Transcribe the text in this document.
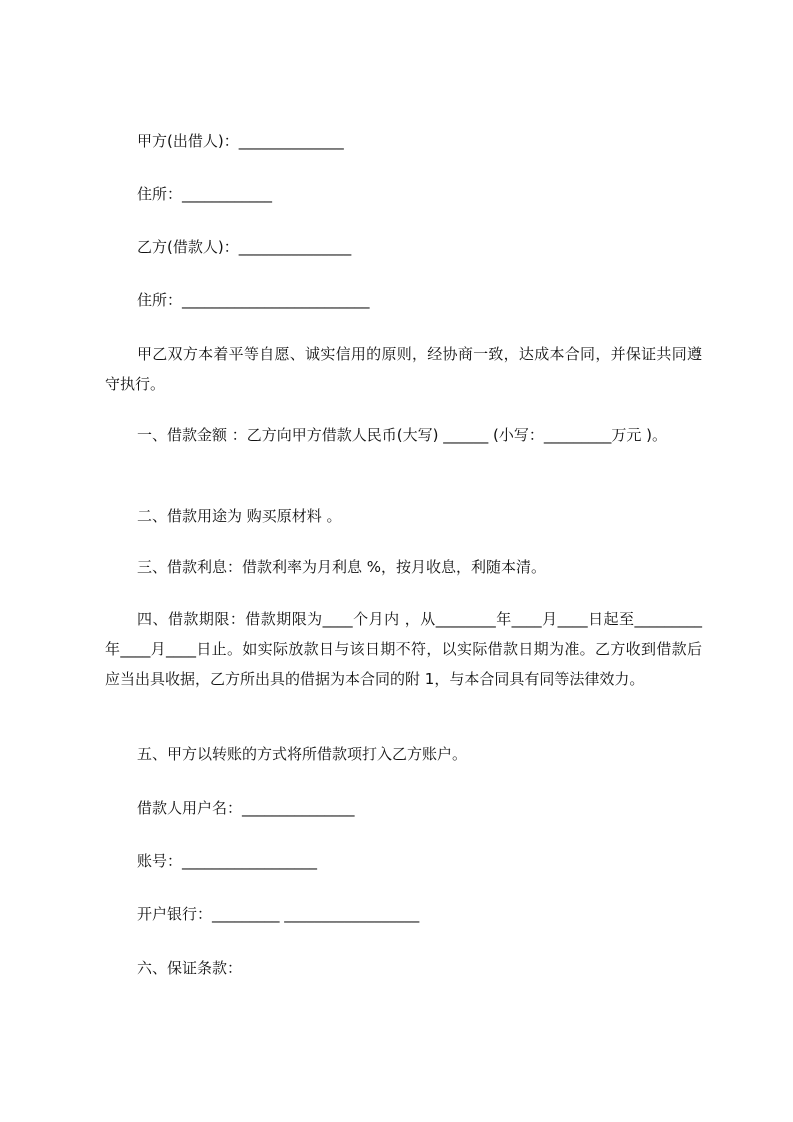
甲方(出借人)：______________
住所：____________
乙方(借款人)：_______________
住所：_________________________
甲乙双方本着平等自愿、诚实信用的原则，经协商一致，达成本合同，并保证共同遵守执行。
一、借款金额 ：乙方向甲方借款人民币(大写) ______ (小写：_________万元 )。
二、借款用途为 购买原材料 。
三、借款利息：借款利率为月利息 %，按月收息，利随本清。
四、借款期限：借款期限为____个月内 ，从________年____月____日起至_________年____月____日止。如实际放款日与该日期不符，以实际借款日期为准。乙方收到借款后应当出具收据，乙方所出具的借据为本合同的附 1，与本合同具有同等法律效力。
五、甲方以转账的方式将所借款项打入乙方账户。
借款人用户名：_______________
账号：__________________
开户银行：_________ __________________
六、保证条款：
